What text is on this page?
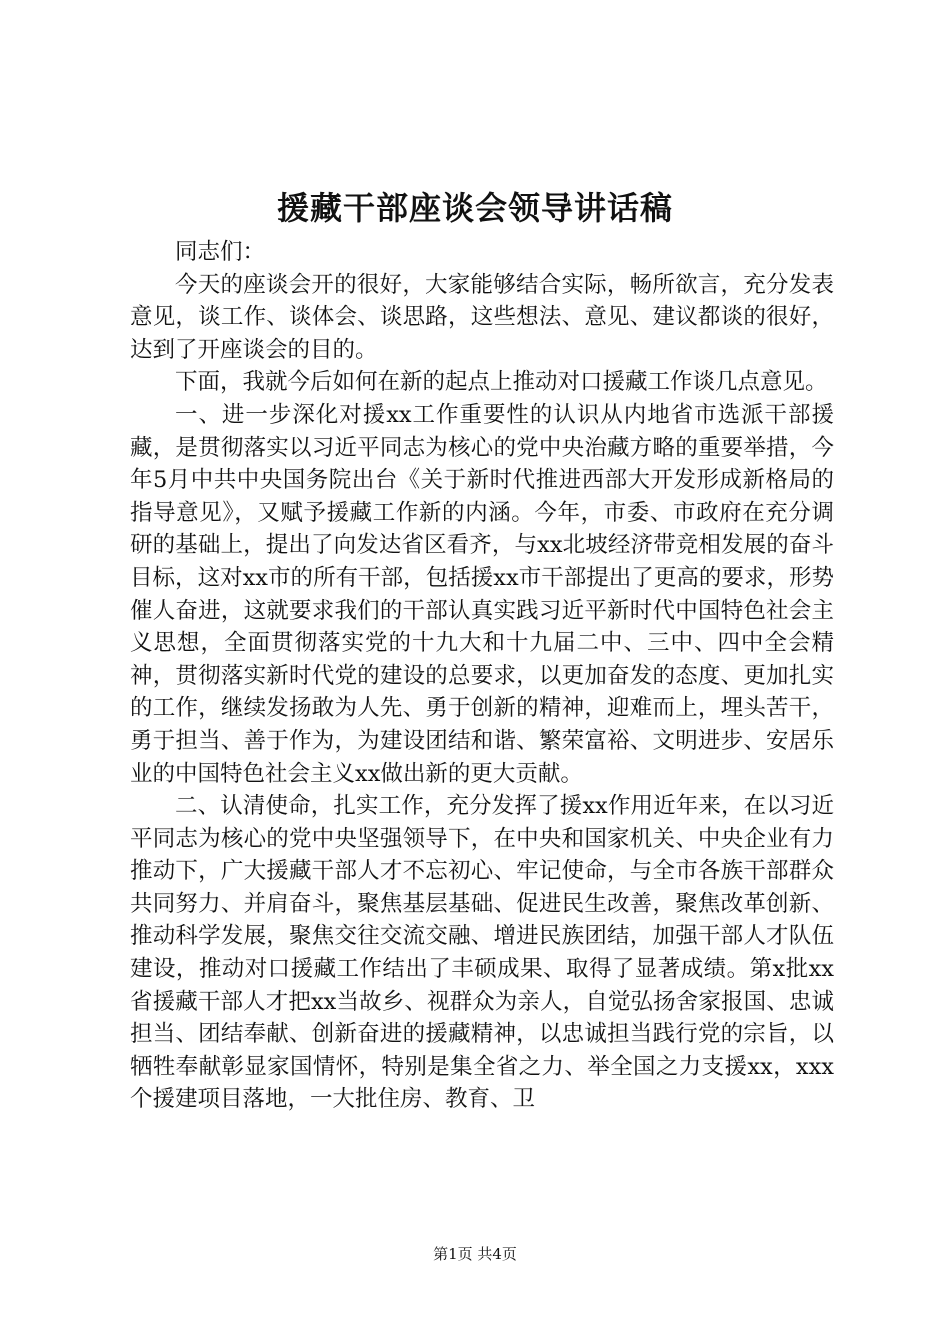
援藏干部座谈会领导讲话稿

同志们：

今天的座谈会开的很好，大家能够结合实际，畅所欲言，充分发表意见，谈工作、谈体会、谈思路，这些想法、意见、建议都谈的很好，达到了开座谈会的目的。

下面，我就今后如何在新的起点上推动对口援藏工作谈几点意见。

一、进一步深化对援xx工作重要性的认识从内地省市选派干部援藏，是贯彻落实以习近平同志为核心的党中央治藏方略的重要举措，今年5月中共中央国务院出台《关于新时代推进西部大开发形成新格局的指导意见》，又赋予援藏工作新的内涵。今年，市委、市政府在充分调研的基础上，提出了向发达省区看齐，与xx北坡经济带竞相发展的奋斗目标，这对xx市的所有干部，包括援xx市干部提出了更高的要求，形势催人奋进，这就要求我们的干部认真实践习近平新时代中国特色社会主义思想，全面贯彻落实党的十九大和十九届二中、三中、四中全会精神，贯彻落实新时代党的建设的总要求，以更加奋发的态度、更加扎实的工作，继续发扬敢为人先、勇于创新的精神，迎难而上，埋头苦干，勇于担当、善于作为，为建设团结和谐、繁荣富裕、文明进步、安居乐业的中国特色社会主义xx做出新的更大贡献。

二、认清使命，扎实工作，充分发挥了援xx作用近年来，在以习近平同志为核心的党中央坚强领导下，在中央和国家机关、中央企业有力推动下，广大援藏干部人才不忘初心、牢记使命，与全市各族干部群众共同努力、并肩奋斗，聚焦基层基础、促进民生改善，聚焦改革创新、推动科学发展，聚焦交往交流交融、增进民族团结，加强干部人才队伍建设，推动对口援藏工作结出了丰硕成果、取得了显著成绩。第x批xx省援藏干部人才把xx当故乡、视群众为亲人，自觉弘扬舍家报国、忠诚担当、团结奉献、创新奋进的援藏精神，以忠诚担当践行党的宗旨，以牺牲奉献彰显家国情怀，特别是集全省之力、举全国之力支援xx，xxx个援建项目落地，一大批住房、教育、卫

第1页 共4页
